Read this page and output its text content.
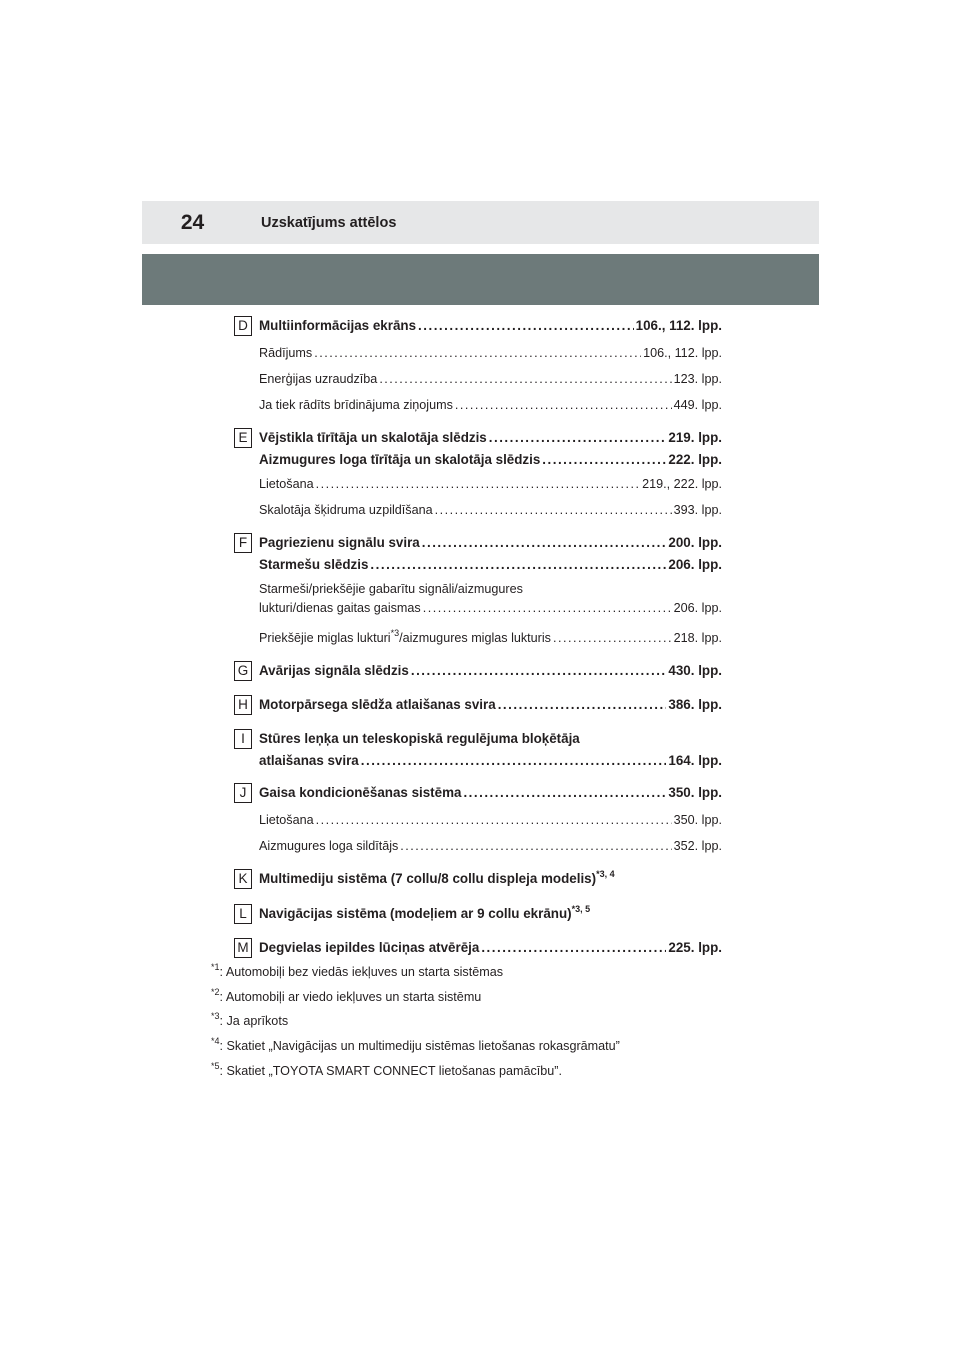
24	Uzskatījums attēlos
D Multiinformācijas ekrāns .....	106., 112. lpp.
Rādījums .....	106., 112. lpp.
Enerģijas uzraudzība .....	123. lpp.
Ja tiek rādīts brīdinājuma ziņojums .....	449. lpp.
E Vējstikla tīrītāja un skalotāja slēdzis .....	219. lpp.
Aizmugures loga tīrītāja un skalotāja slēdzis .....	222. lpp.
Lietošana .....	219., 222. lpp.
Skalotāja šķidruma uzpildīšana .....	393. lpp.
F Pagriezienu signālu svira .....	200. lpp.
Starmešu slēdzis .....	206. lpp.
Starmeši/priekšējie gabarītu signāli/aizmugures
lukturi/dienas gaitas gaismas .....	206. lpp.
Priekšējie miglas lukturi$^{*3}$/aizmugures miglas lukturis .....	218. lpp.
G Avārijas signāla slēdzis .....	430. lpp.
H Motorpārsega slēdža atlaišanas svira .....	386. lpp.
I	Stūres leņķa un teleskopiskā regulējuma bloķētāja
atlaišanas svira .....	164. lpp.
J Gaisa kondicionēšanas sistēma .....	350. lpp.
Lietošana .....	350. lpp.
Aizmugures loga sildītājs .....	352. lpp.
K Multimediju sistēma (7 collu/8 collu displeja modelis)$^{*3, 4}$
L Navigācijas sistēma (modeļiem ar 9 collu ekrānu)$^{*3, 5}$
M Degvielas iepildes lūciņas atvērēja .....	225. lpp.
$^{*1}$: Automobiļi bez viedās iekļuves un starta sistēmas
$^{*2}$: Automobiļi ar viedo iekļuves un starta sistēmu
$^{*3}$: Ja aprīkots
$^{*4}$: Skatiet „Navigācijas un multimediju sistēmas lietošanas rokasgrāmatu”
$^{*5}$: Skatiet „TOYOTA SMART CONNECT lietošanas pamācību”.
